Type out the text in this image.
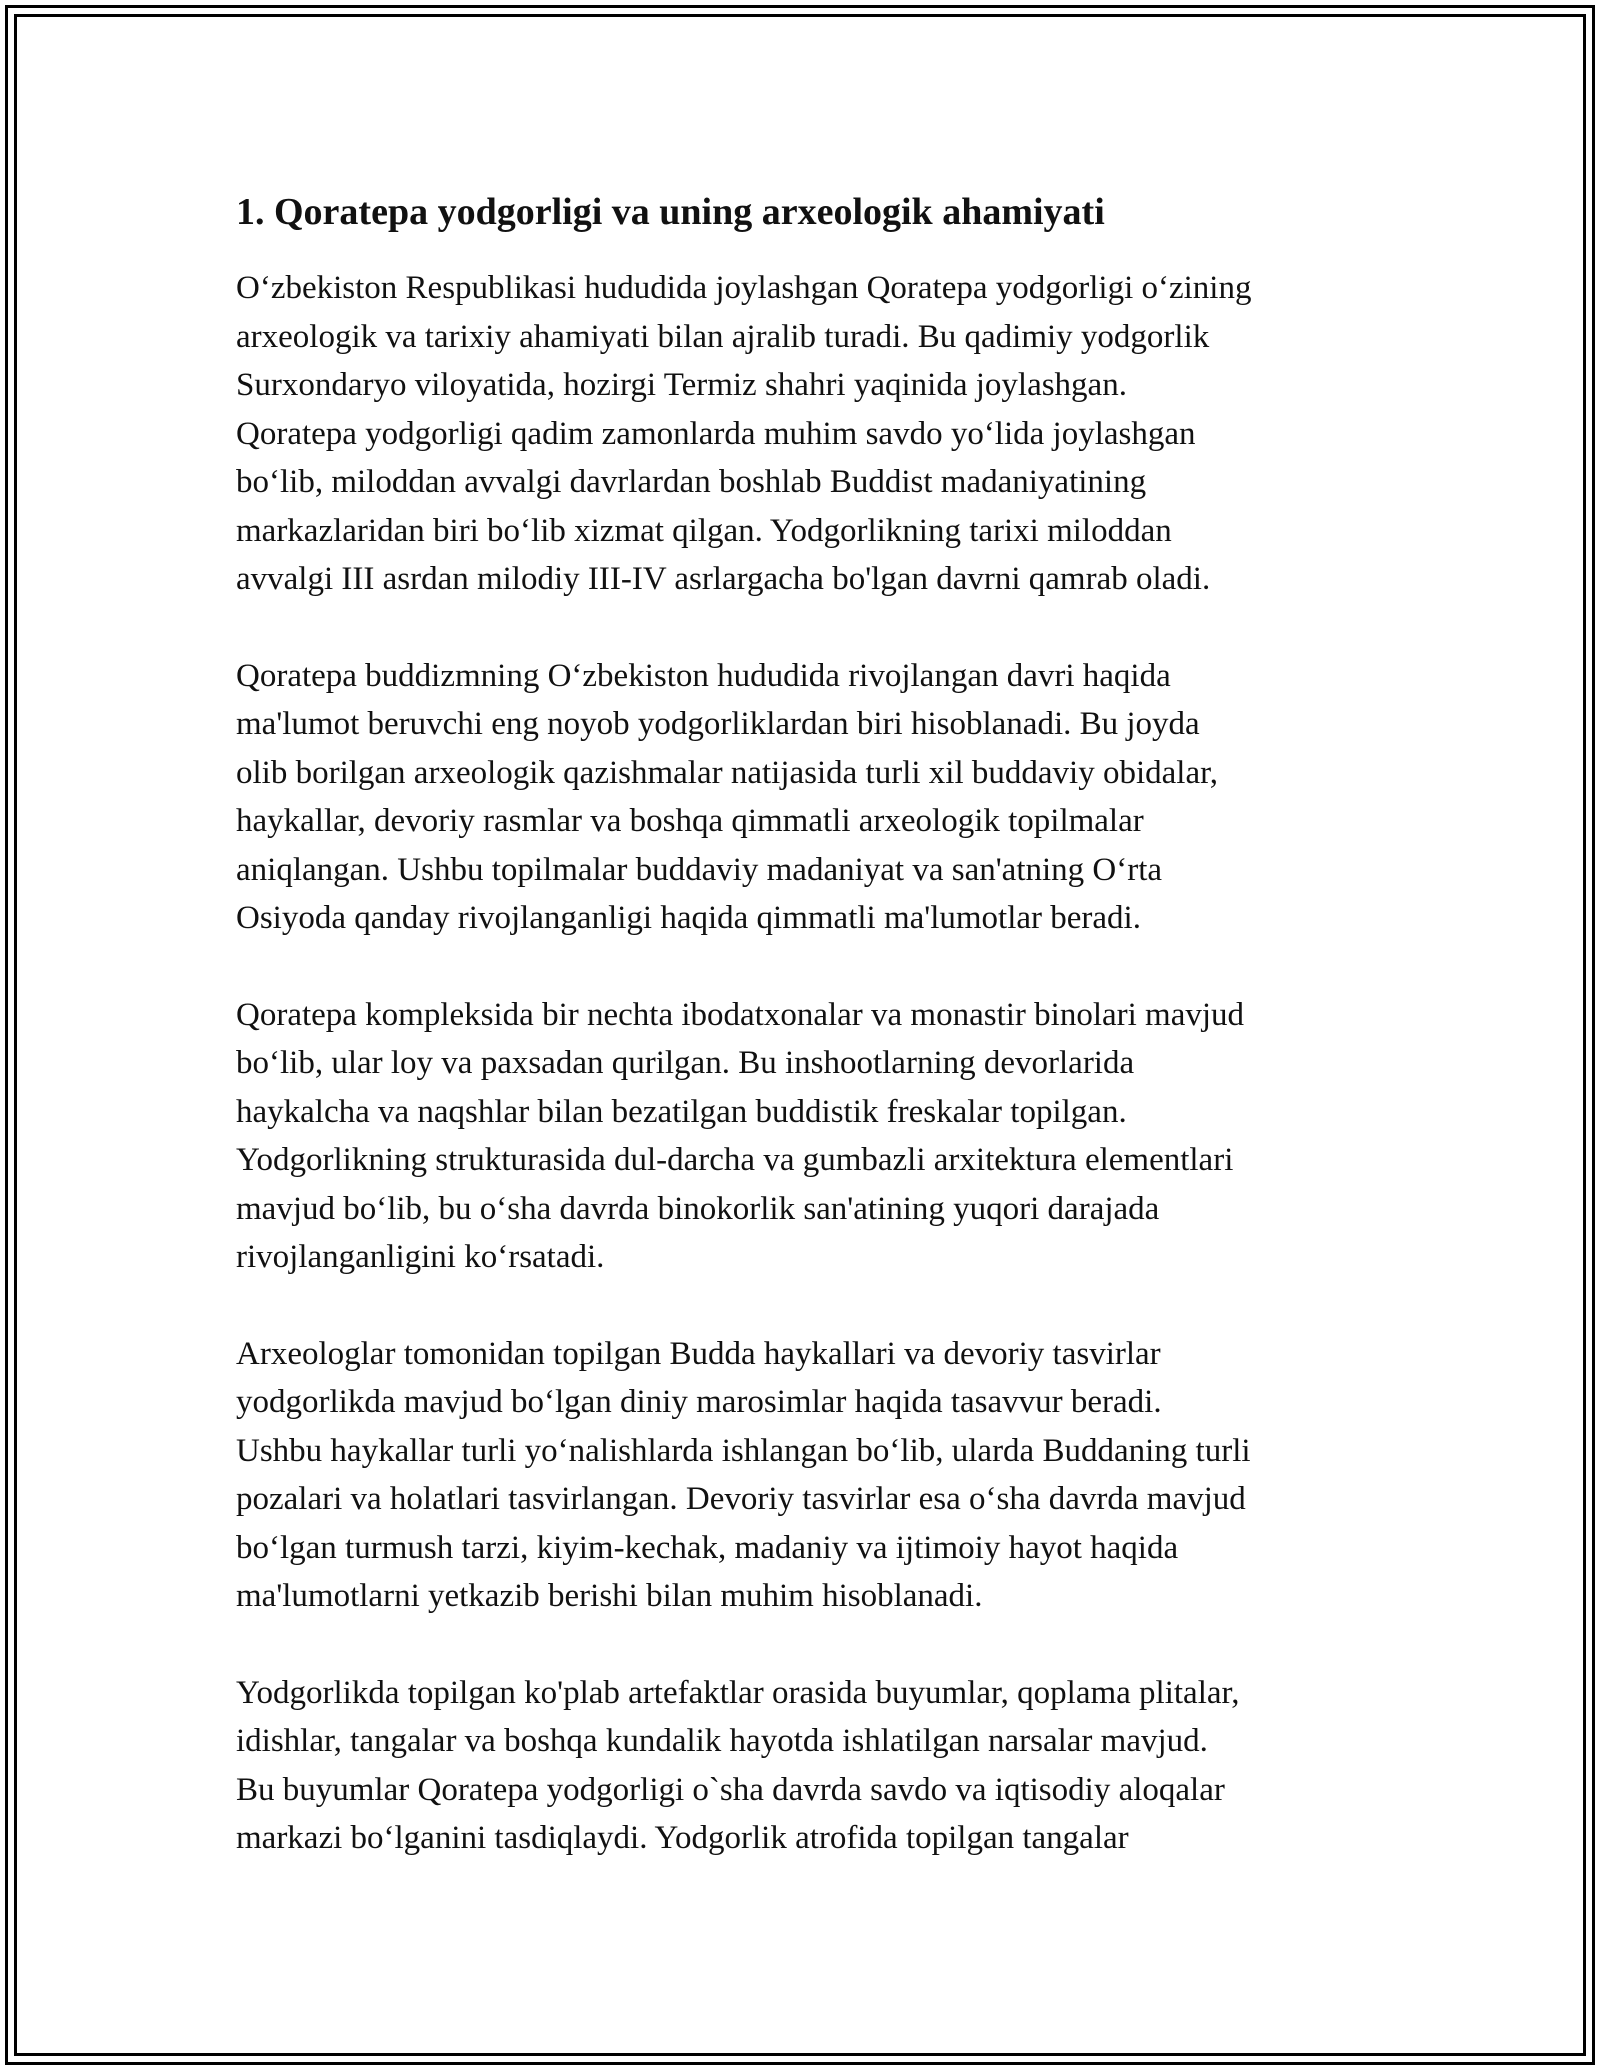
1. Qoratepa yodgorligi va uning arxeologik ahamiyati
O‘zbekiston Respublikasi hududida joylashgan Qoratepa yodgorligi o‘zining
arxeologik va tarixiy ahamiyati bilan ajralib turadi. Bu qadimiy yodgorlik
Surxondaryo viloyatida, hozirgi Termiz shahri yaqinida joylashgan.
Qoratepa yodgorligi qadim zamonlarda muhim savdo yo‘lida joylashgan
bo‘lib, miloddan avvalgi davrlardan boshlab Buddist madaniyatining
markazlaridan biri bo‘lib xizmat qilgan. Yodgorlikning tarixi miloddan
avvalgi III asrdan milodiy III-IV asrlargacha bo'lgan davrni qamrab oladi.
Qoratepa buddizmning O‘zbekiston hududida rivojlangan davri haqida
ma'lumot beruvchi eng noyob yodgorliklardan biri hisoblanadi. Bu joyda
olib borilgan arxeologik qazishmalar natijasida turli xil buddaviy obidalar,
haykallar, devoriy rasmlar va boshqa qimmatli arxeologik topilmalar
aniqlangan. Ushbu topilmalar buddaviy madaniyat va san'atning O‘rta
Osiyoda qanday rivojlanganligi haqida qimmatli ma'lumotlar beradi.
Qoratepa kompleksida bir nechta ibodatxonalar va monastir binolari mavjud
bo‘lib, ular loy va paxsadan qurilgan. Bu inshootlarning devorlarida
haykalcha va naqshlar bilan bezatilgan buddistik freskalar topilgan.
Yodgorlikning strukturasida dul-darcha va gumbazli arxitektura elementlari
mavjud bo‘lib, bu o‘sha davrda binokorlik san'atining yuqori darajada
rivojlanganligini ko‘rsatadi.
Arxeologlar tomonidan topilgan Budda haykallari va devoriy tasvirlar
yodgorlikda mavjud bo‘lgan diniy marosimlar haqida tasavvur beradi.
Ushbu haykallar turli yo‘nalishlarda ishlangan bo‘lib, ularda Buddaning turli
pozalari va holatlari tasvirlangan. Devoriy tasvirlar esa o‘sha davrda mavjud
bo‘lgan turmush tarzi, kiyim-kechak, madaniy va ijtimoiy hayot haqida
ma'lumotlarni yetkazib berishi bilan muhim hisoblanadi.
Yodgorlikda topilgan ko'plab artefaktlar orasida buyumlar, qoplama plitalar,
idishlar, tangalar va boshqa kundalik hayotda ishlatilgan narsalar mavjud.
Bu buyumlar Qoratepa yodgorligi o`sha davrda savdo va iqtisodiy aloqalar
markazi bo‘lganini tasdiqlaydi. Yodgorlik atrofida topilgan tangalar
